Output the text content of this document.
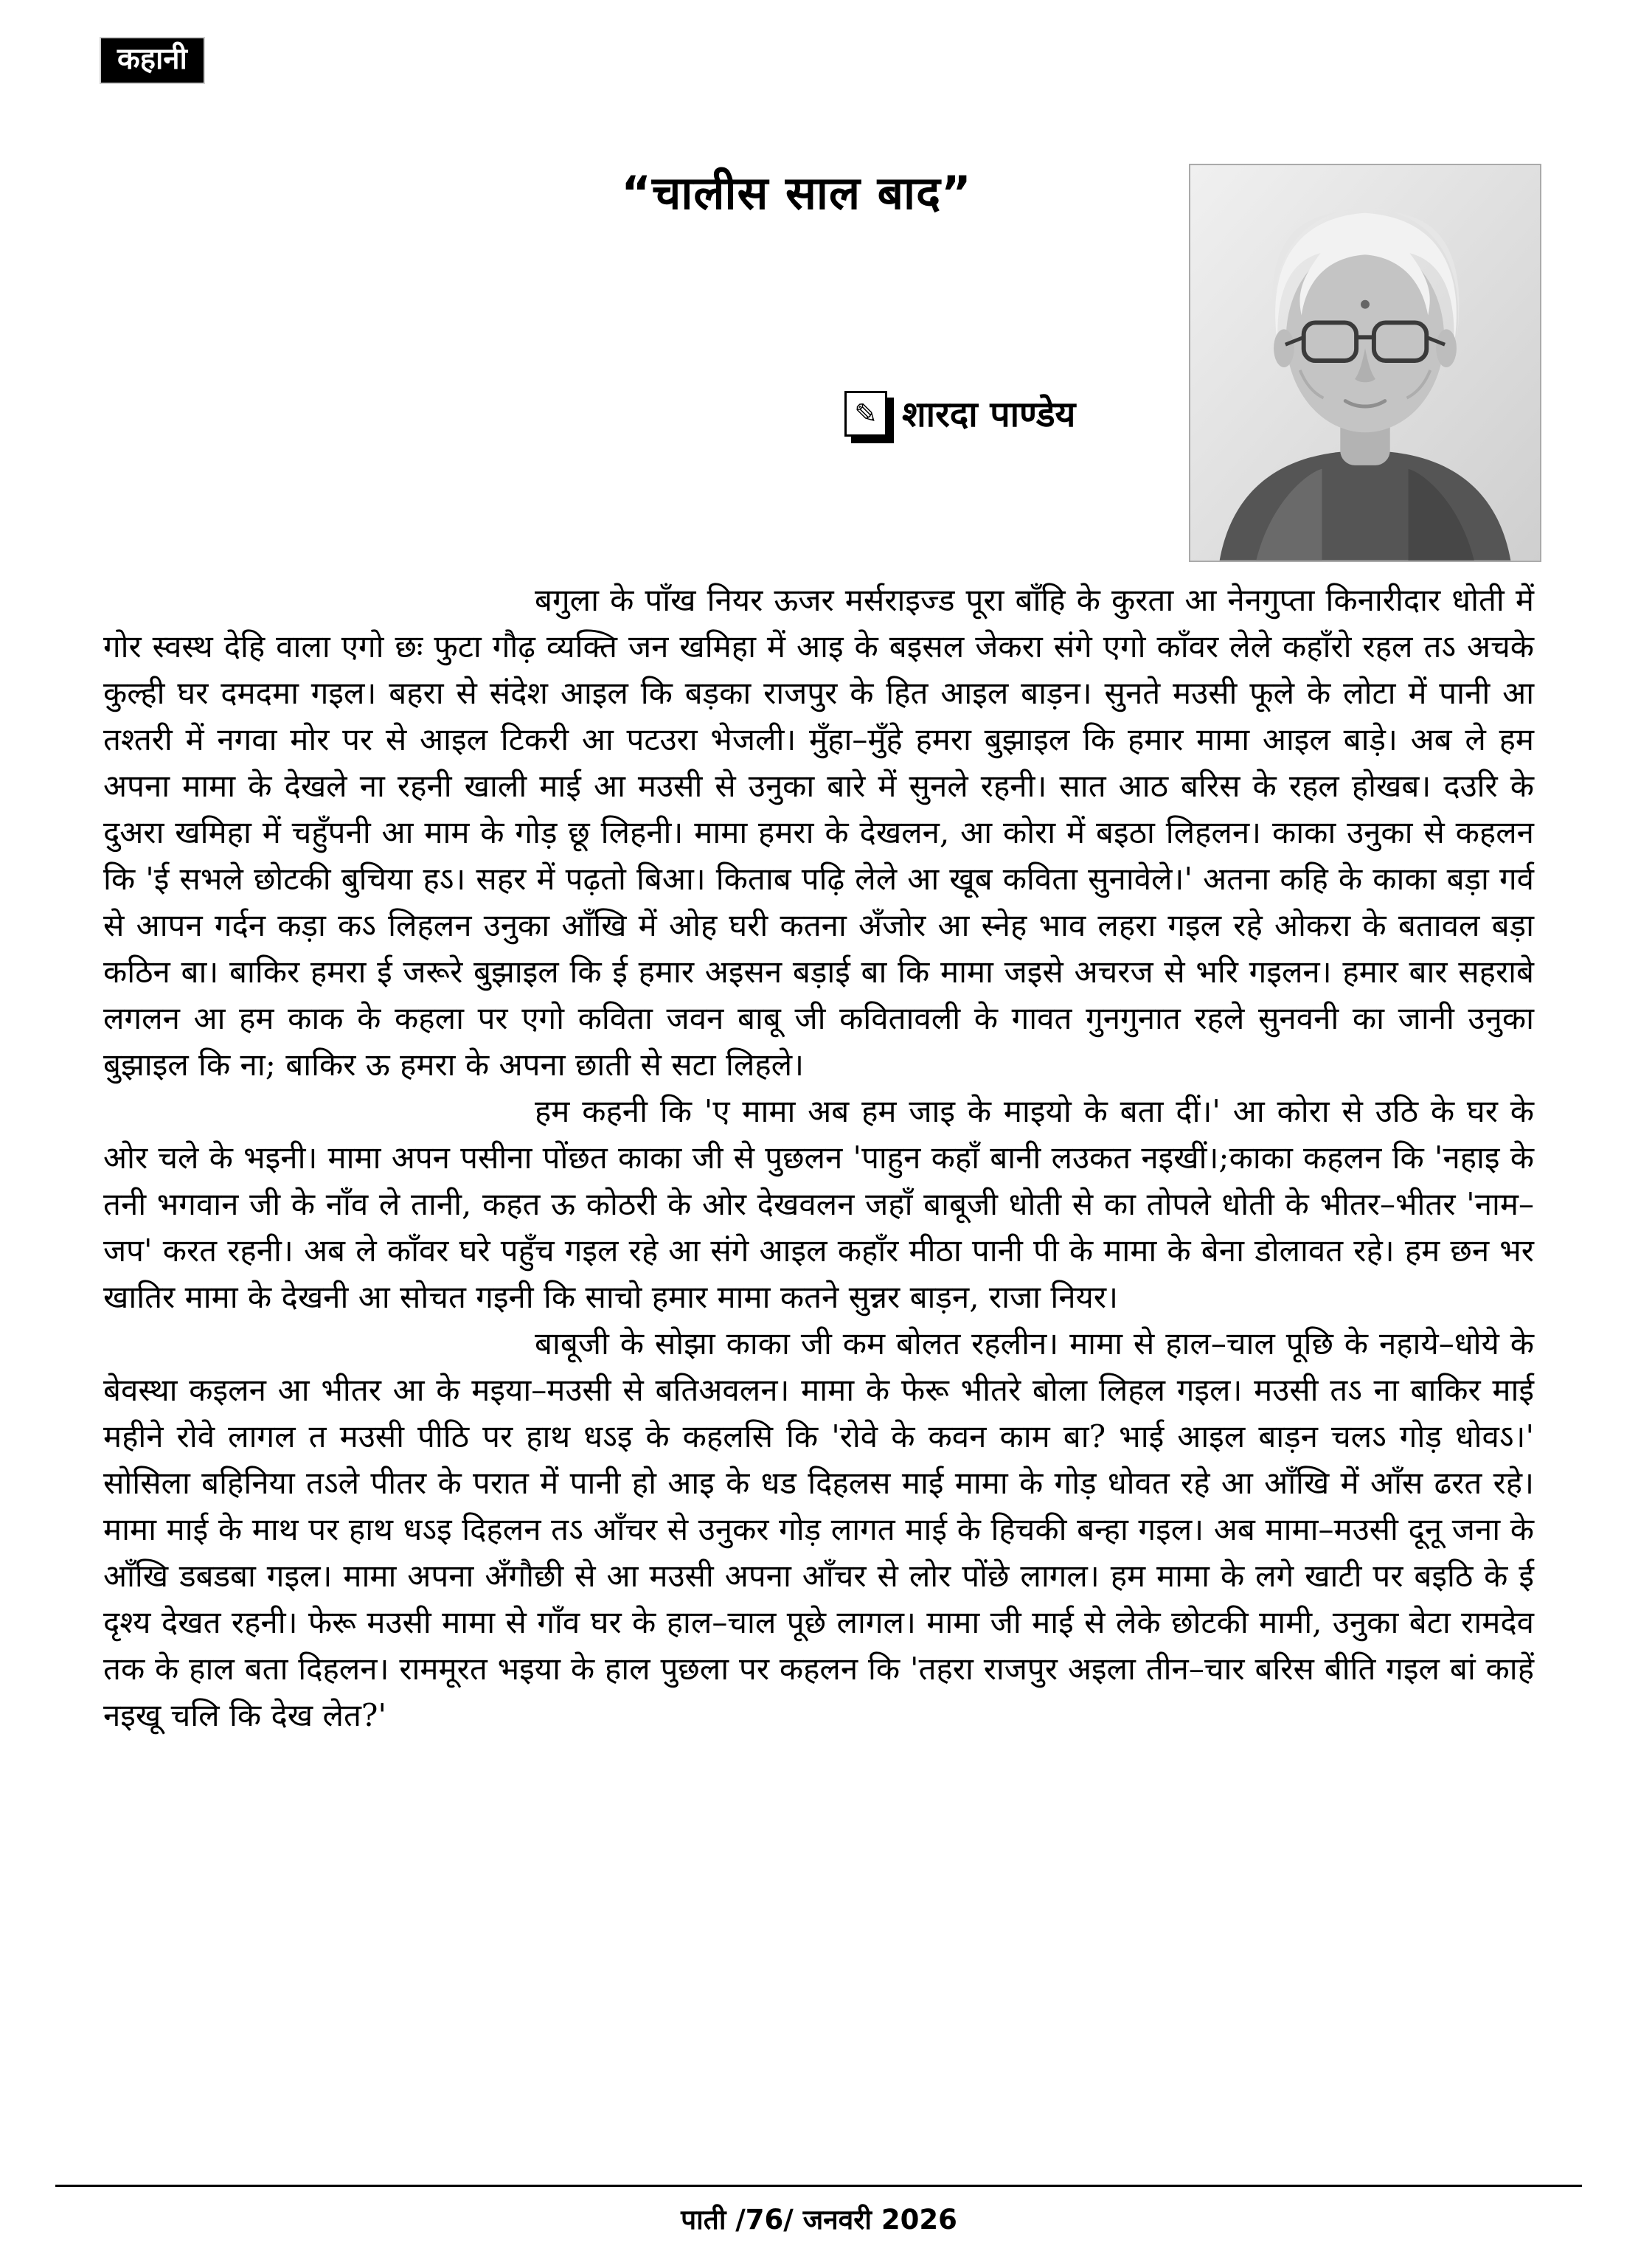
कहानी
“चालीस साल बाद”
✎ शारदा पाण्डेय

बगुला के पाँख नियर ऊजर मर्सराइज्ड पूरा बाँहि के कुरता आ नेनगुप्ता किनारीदार धोती में गोर स्वस्थ देहि वाला एगो छः फुटा गौढ़ व्यक्ति जन खमिहा में आइ के बइसल जेकरा संगे एगो काँवर लेले कहाँरो रहल तऽ अचके कुल्ही घर दमदमा गइल। बहरा से संदेश आइल कि बड़का राजपुर के हित आइल बाड़न। सुनते मउसी फूले के लोटा में पानी आ तश्तरी में नगवा मोर पर से आइल टिकरी आ पटउरा भेजली। मुँहा–मुँहे हमरा बुझाइल कि हमार मामा आइल बाड़े। अब ले हम अपना मामा के देखले ना रहनी खाली माई आ मउसी से उनुका बारे में सुनले रहनी। सात आठ बरिस के रहल होखब। दउरि के दुअरा खमिहा में चहुँपनी आ माम के गोड़ छू लिहनी। मामा हमरा के देखलन, आ कोरा में बइठा लिहलन। काका उनुका से कहलन कि 'ई सभले छोटकी बुचिया हऽ। सहर में पढ़तो बिआ। किताब पढ़ि लेले आ खूब कविता सुनावेले।' अतना कहि के काका बड़ा गर्व से आपन गर्दन कड़ा कऽ लिहलन उनुका आँखि में ओह घरी कतना अँजोर आ स्नेह भाव लहरा गइल रहे ओकरा के बतावल बड़ा कठिन बा। बाकिर हमरा ई जरूरे बुझाइल कि ई हमार अइसन बड़ाई बा कि मामा जइसे अचरज से भरि गइलन। हमार बार सहराबे लगलन आ हम काक के कहला पर एगो कविता जवन बाबू जी कवितावली के गावत गुनगुनात रहले सुनवनी का जानी उनुका बुझाइल कि ना; बाकिर ऊ हमरा के अपना छाती से सटा लिहले।

हम कहनी कि 'ए मामा अब हम जाइ के माइयो के बता दीं।' आ कोरा से उठि के घर के ओर चले के भइनी। मामा अपन पसीना पोंछत काका जी से पुछलन 'पाहुन कहाँ बानी लउकत नइखीं।;काका कहलन कि 'नहाइ के तनी भगवान जी के नाँव ले तानी, कहत ऊ कोठरी के ओर देखवलन जहाँ बाबूजी धोती से का तोपले धोती के भीतर–भीतर 'नाम–जप' करत रहनी। अब ले काँवर घरे पहुँच गइल रहे आ संगे आइल कहाँर मीठा पानी पी के मामा के बेना डोलावत रहे। हम छन भर खातिर मामा के देखनी आ सोचत गइनी कि साचो हमार मामा कतने सुन्नर बाड़न, राजा नियर।

बाबूजी के सोझा काका जी कम बोलत रहलीन। मामा से हाल–चाल पूछि के नहाये–धोये के बेवस्था कइलन आ भीतर आ के मइया–मउसी से बतिअवलन। मामा के फेरू भीतरे बोला लिहल गइल। मउसी तऽ ना बाकिर माई महीने रोवे लागल त मउसी पीठि पर हाथ धऽइ के कहलसि कि 'रोवे के कवन काम बा? भाई आइल बाड़न चलऽ गोड़ धोवऽ।' सोसिला बहिनिया तऽले पीतर के परात में पानी हो आइ के धड दिहलस माई मामा के गोड़ धोवत रहे आ आँखि में आँस ढरत रहे। मामा माई के माथ पर हाथ धऽइ दिहलन तऽ आँचर से उनुकर गोड़ लागत माई के हिचकी बन्हा गइल। अब मामा–मउसी दूनू जना के आँखि डबडबा गइल। मामा अपना अँगौछी से आ मउसी अपना आँचर से लोर पोंछे लागल। हम मामा के लगे खाटी पर बइठि के ई दृश्य देखत रहनी। फेरू मउसी मामा से गाँव घर के हाल–चाल पूछे लागल। मामा जी माई से लेके छोटकी मामी, उनुका बेटा रामदेव तक के हाल बता दिहलन। राममूरत भइया के हाल पुछला पर कहलन कि 'तहरा राजपुर अइला तीन–चार बरिस बीति गइल बां काहें नइखू चलि कि देख लेत?'

पाती /76/ जनवरी 2026
